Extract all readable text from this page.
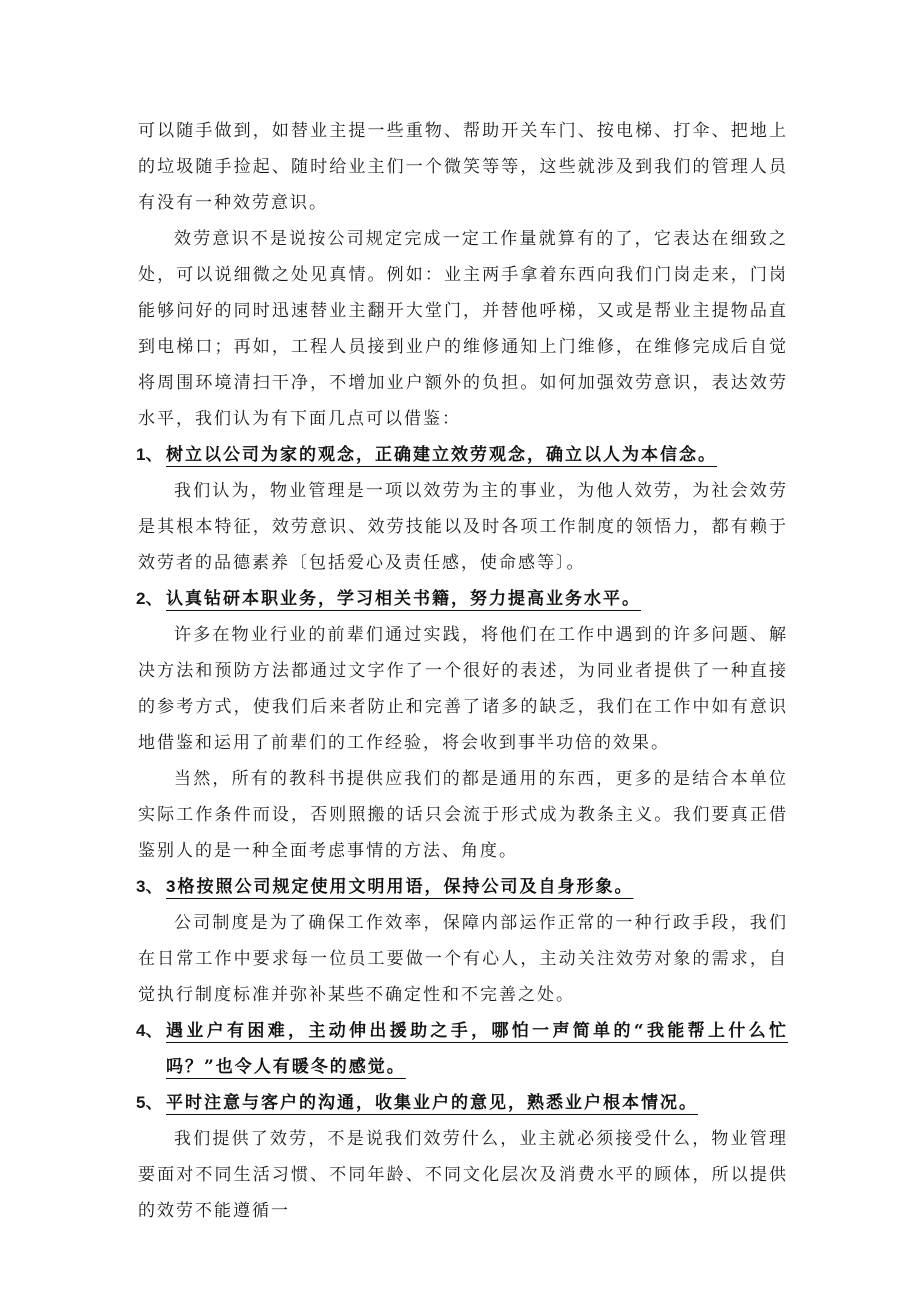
可以随手做到，如替业主提一些重物、帮助开关车门、按电梯、打伞、把地上的垃圾随手捡起、随时给业主们一个微笑等等，这些就涉及到我们的管理人员有没有一种效劳意识。

效劳意识不是说按公司规定完成一定工作量就算有的了，它表达在细致之处，可以说细微之处见真情。例如：业主两手拿着东西向我们门岗走来，门岗能够问好的同时迅速替业主翻开大堂门，并替他呼梯，又或是帮业主提物品直到电梯口；再如，工程人员接到业户的维修通知上门维修，在维修完成后自觉将周围环境清扫干净，不增加业户额外的负担。如何加强效劳意识，表达效劳水平，我们认为有下面几点可以借鉴：

1、 树立以公司为家的观念，正确建立效劳观念，确立以人为本信念。

我们认为，物业管理是一项以效劳为主的事业，为他人效劳，为社会效劳是其根本特征，效劳意识、效劳技能以及时各项工作制度的领悟力，都有赖于效劳者的品德素养〔包括爱心及责任感，使命感等〕。

2、 认真钻研本职业务，学习相关书籍，努力提高业务水平。

许多在物业行业的前辈们通过实践，将他们在工作中遇到的许多问题、解决方法和预防方法都通过文字作了一个很好的表述，为同业者提供了一种直接的参考方式，使我们后来者防止和完善了诸多的缺乏，我们在工作中如有意识地借鉴和运用了前辈们的工作经验，将会收到事半功倍的效果。

当然，所有的教科书提供应我们的都是通用的东西，更多的是结合本单位实际工作条件而设，否则照搬的话只会流于形式成为教条主义。我们要真正借鉴别人的是一种全面考虑事情的方法、角度。

3、 3格按照公司规定使用文明用语，保持公司及自身形象。

公司制度是为了确保工作效率，保障内部运作正常的一种行政手段，我们在日常工作中要求每一位员工要做一个有心人，主动关注效劳对象的需求，自觉执行制度标准并弥补某些不确定性和不完善之处。

4、 遇业户有困难，主动伸出援助之手，哪怕一声简单的“我能帮上什么忙吗？”也令人有暖冬的感觉。

5、 平时注意与客户的沟通，收集业户的意见，熟悉业户根本情况。

我们提供了效劳，不是说我们效劳什么，业主就必须接受什么，物业管理要面对不同生活习惯、不同年龄、不同文化层次及消费水平的顾体，所以提供的效劳不能遵循一
